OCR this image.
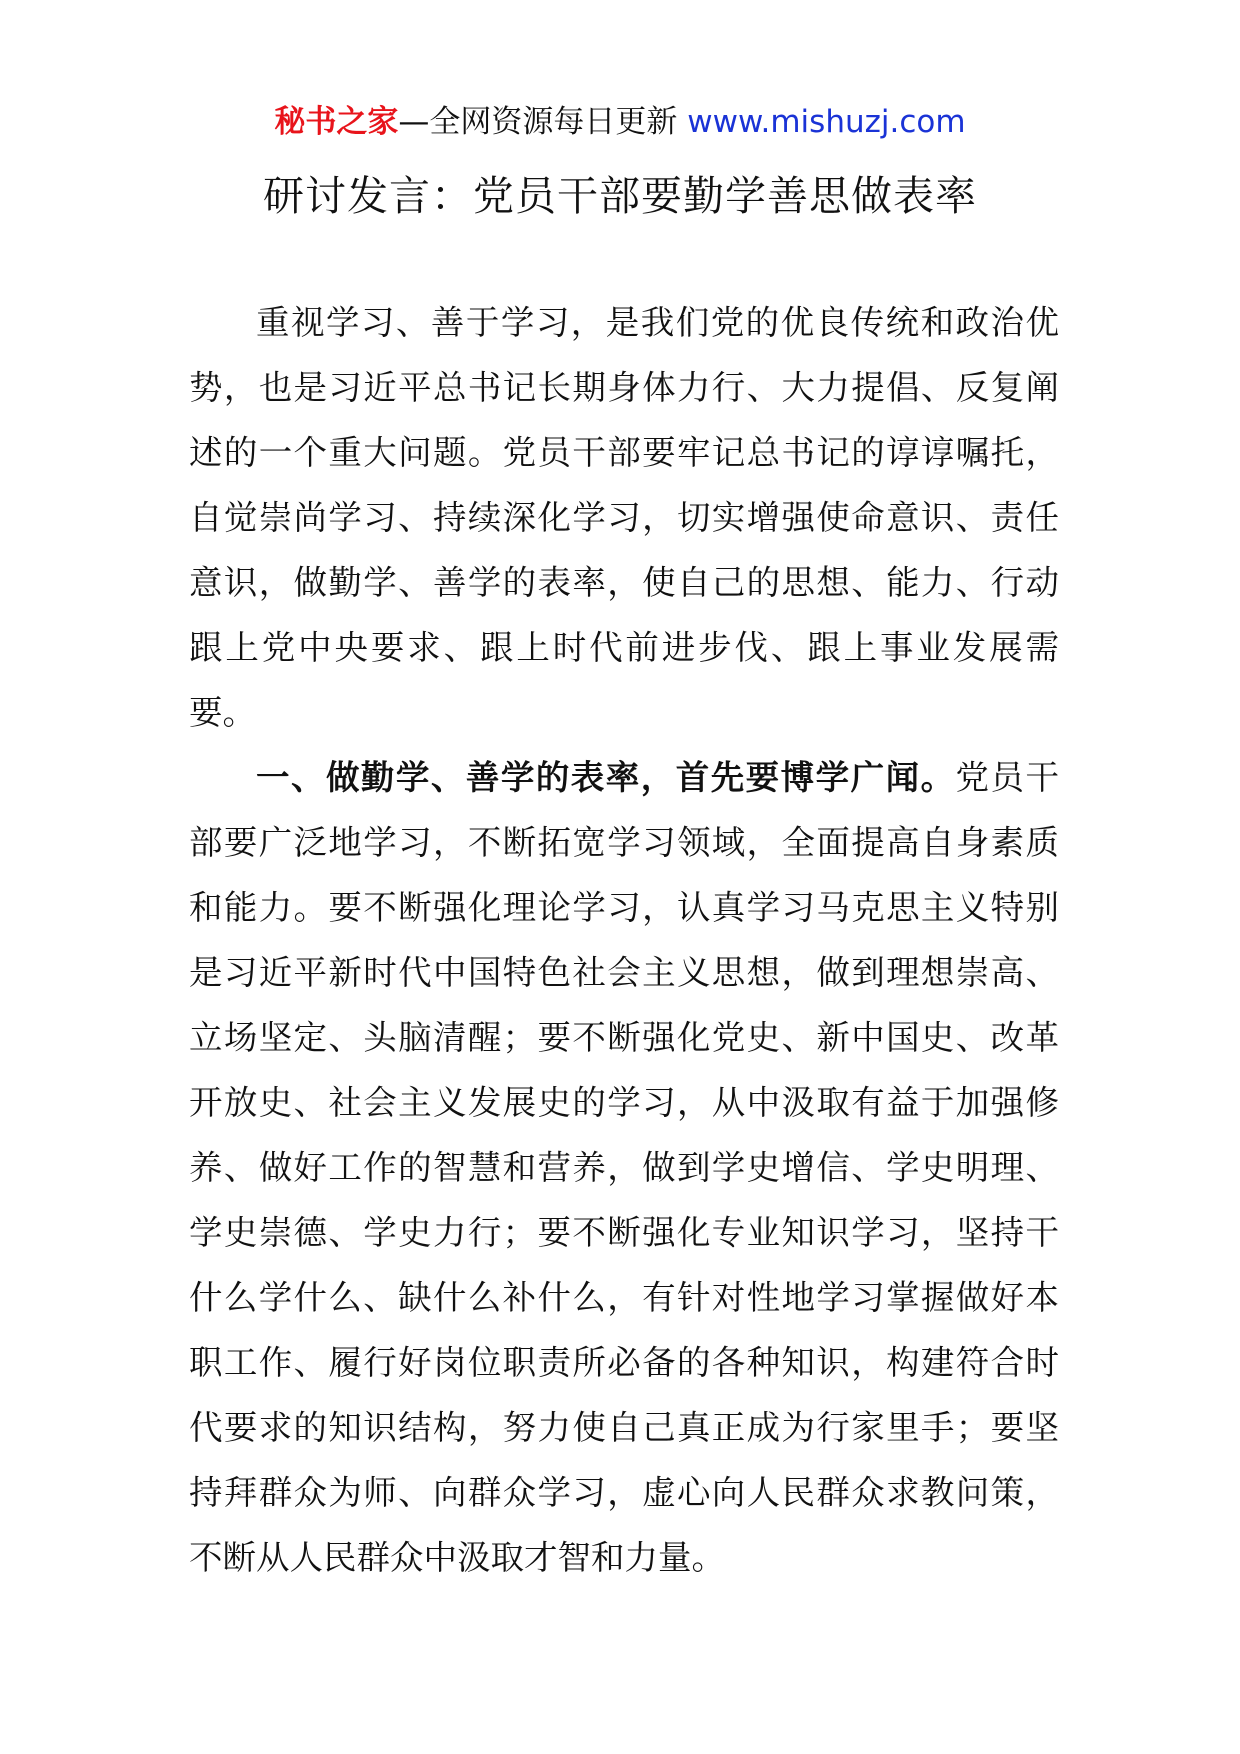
秘书之家—全网资源每日更新 www.mishuzj.com
研讨发言：党员干部要勤学善思做表率

重视学习、善于学习，是我们党的优良传统和政治优势，也是习近平总书记长期身体力行、大力提倡、反复阐述的一个重大问题。党员干部要牢记总书记的谆谆嘱托，自觉崇尚学习、持续深化学习，切实增强使命意识、责任意识，做勤学、善学的表率，使自己的思想、能力、行动跟上党中央要求、跟上时代前进步伐、跟上事业发展需要。

一、做勤学、善学的表率，首先要博学广闻。党员干部要广泛地学习，不断拓宽学习领域，全面提高自身素质和能力。要不断强化理论学习，认真学习马克思主义特别是习近平新时代中国特色社会主义思想，做到理想崇高、立场坚定、头脑清醒；要不断强化党史、新中国史、改革开放史、社会主义发展史的学习，从中汲取有益于加强修养、做好工作的智慧和营养，做到学史增信、学史明理、学史崇德、学史力行；要不断强化专业知识学习，坚持干什么学什么、缺什么补什么，有针对性地学习掌握做好本职工作、履行好岗位职责所必备的各种知识，构建符合时代要求的知识结构，努力使自己真正成为行家里手；要坚持拜群众为师、向群众学习，虚心向人民群众求教问策，不断从人民群众中汲取才智和力量。
